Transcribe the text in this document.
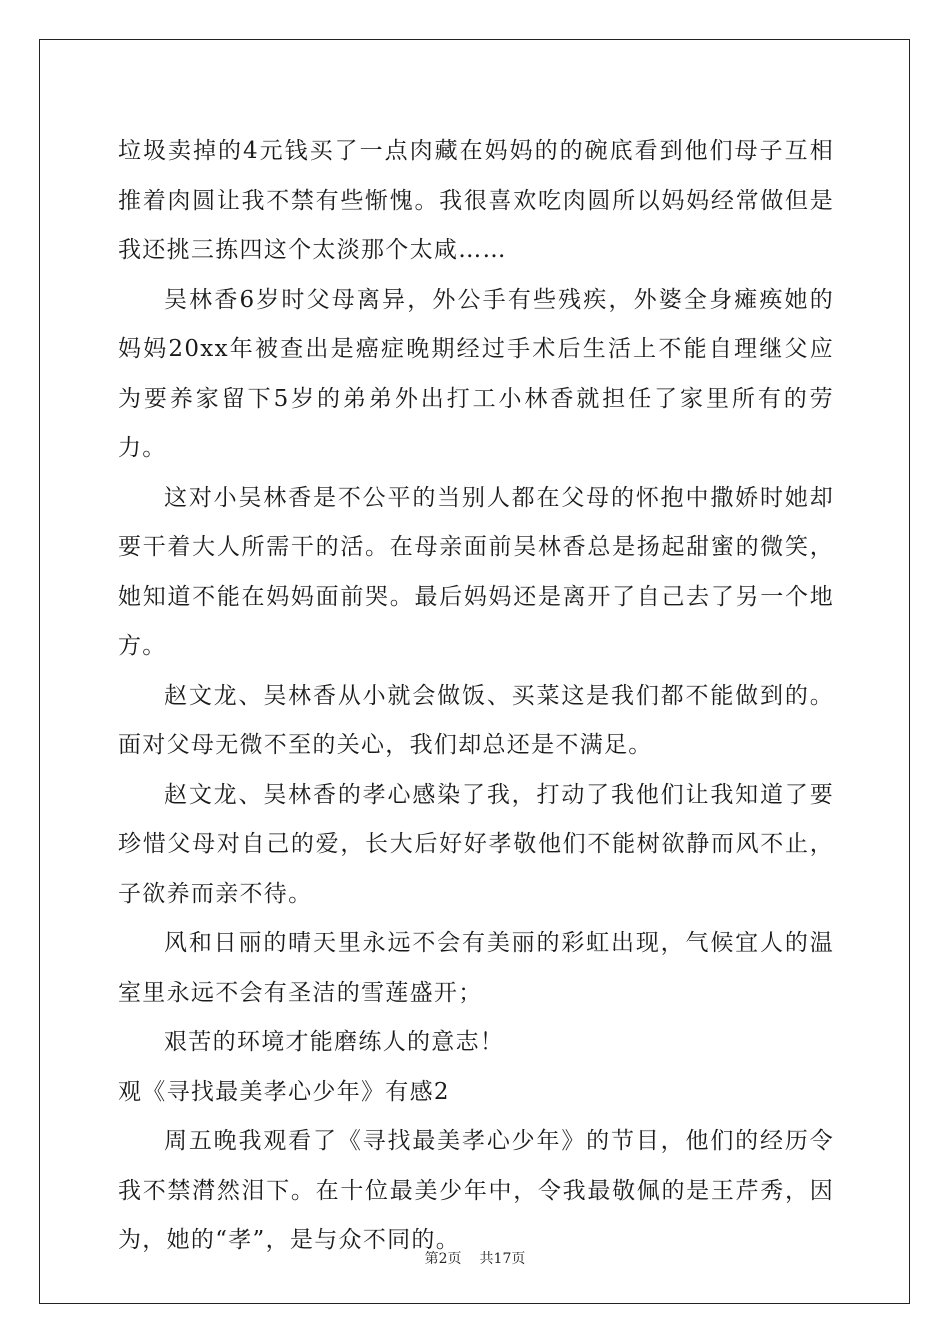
垃圾卖掉的4元钱买了一点肉藏在妈妈的的碗底看到他们母子互相推着肉圆让我不禁有些惭愧。我很喜欢吃肉圆所以妈妈经常做但是我还挑三拣四这个太淡那个太咸……

吴林香6岁时父母离异，外公手有些残疾，外婆全身瘫痪她的妈妈20xx年被查出是癌症晚期经过手术后生活上不能自理继父应为要养家留下5岁的弟弟外出打工小林香就担任了家里所有的劳力。

这对小吴林香是不公平的当别人都在父母的怀抱中撒娇时她却要干着大人所需干的活。在母亲面前吴林香总是扬起甜蜜的微笑，她知道不能在妈妈面前哭。最后妈妈还是离开了自己去了另一个地方。

赵文龙、吴林香从小就会做饭、买菜这是我们都不能做到的。面对父母无微不至的关心，我们却总还是不满足。

赵文龙、吴林香的孝心感染了我，打动了我他们让我知道了要珍惜父母对自己的爱，长大后好好孝敬他们不能树欲静而风不止，子欲养而亲不待。

风和日丽的晴天里永远不会有美丽的彩虹出现，气候宜人的温室里永远不会有圣洁的雪莲盛开；

艰苦的环境才能磨练人的意志！

观《寻找最美孝心少年》有感2

周五晚我观看了《寻找最美孝心少年》的节目，他们的经历令我不禁潸然泪下。在十位最美少年中，令我最敬佩的是王芹秀，因为，她的“孝”，是与众不同的。

第2页 共17页
